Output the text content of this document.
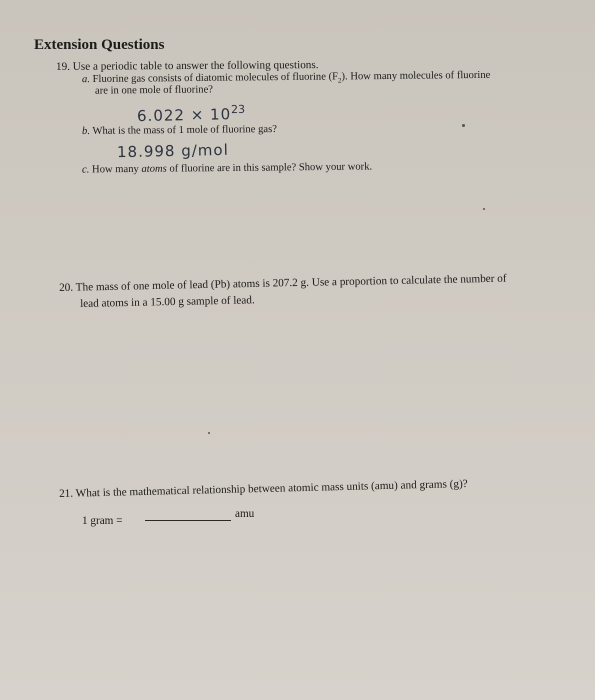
Extension Questions
19. Use a periodic table to answer the following questions.
a. Fluorine gas consists of diatomic molecules of fluorine $(F_2)$. How many molecules of fluorine
are in one mole of fluorine?
$6.022 \times 10^{23}$
b. What is the mass of 1 mole of fluorine gas?
18.998 g/mol
c. How many atoms of fluorine are in this sample? Show your work.
20. The mass of one mole of lead (Pb) atoms is 207.2 g. Use a proportion to calculate the number of
lead atoms in a 15.00 g sample of lead.
21. What is the mathematical relationship between atomic mass units (amu) and grams (g)?
1 gram =
amu
